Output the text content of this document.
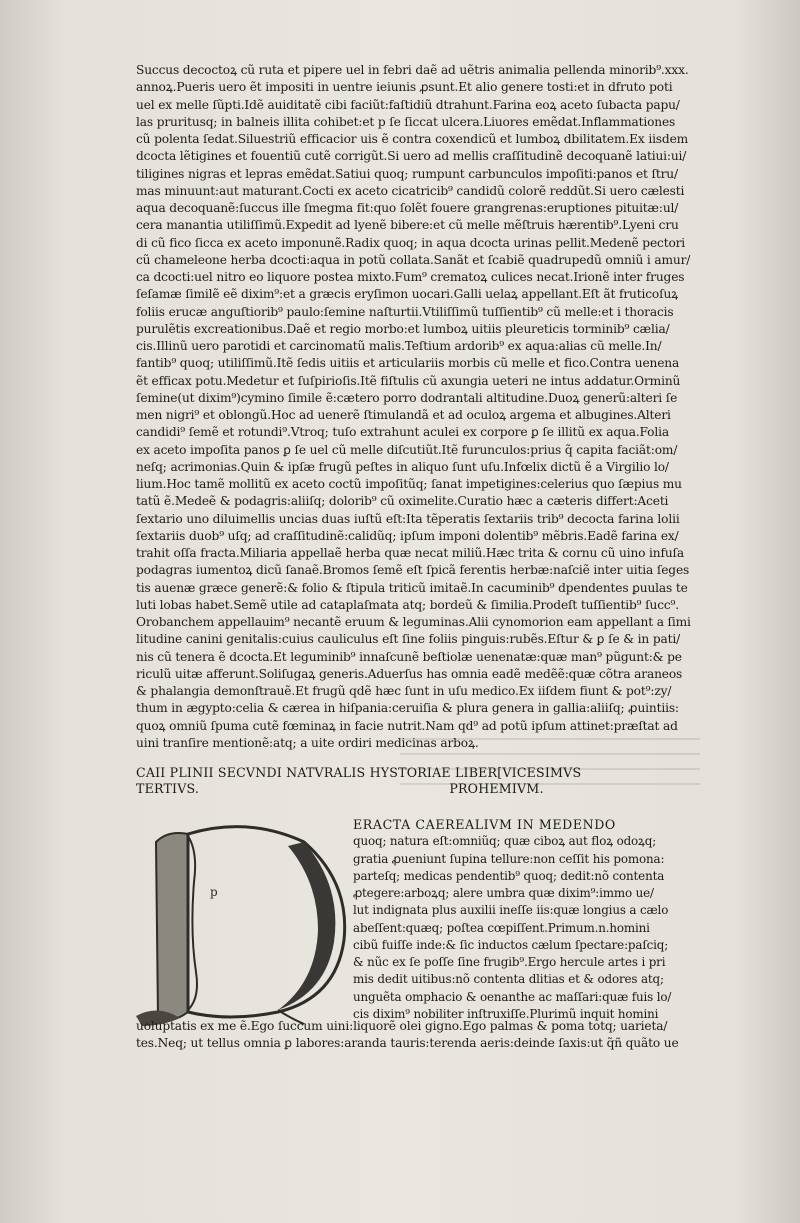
Succus decoctoꝝ cũ ruta et pipere uel in febri daẽ ad uẽtris animalia pellenda minorib⁹.xxx.
annoꝝ.Pueris uero ẽt impositi in uentre ieiunis ꝓsunt.Et alio genere tosti:et in dfruto poti
uel ex melle ſũpti.Idẽ auiditatẽ cibi faciũt:faſtidiũ dtrahunt.Farina eoꝝ aceto ſubacta papu/
las pruritusq; in balneis illita cohibet:et p ſe ſiccat ulcera.Liuores emẽdat.Inflammationes
cũ polenta ſedat.Siluestriũ efficacior uis ẽ contra coxendicũ et lumboꝝ dbilitatem.Ex iisdem
dcocta lẽtigines et fouentiũ cutẽ corrigũt.Si uero ad mellis craſſitudinẽ decoquanẽ latiui:ui/
tiligines nigras et lepras emẽdat.Satiui quoq; rumpunt carbunculos impoſiti:panos et ſtru/
mas minuunt:aut maturant.Cocti ex aceto cicatricib⁹ candidũ colorẽ reddũt.Si uero cælesti
aqua decoquanẽ:ſuccus ille ſmegma fit:quo ſolẽt fouere grangrenas:eruptiones pituitæ:ul/
cera manantia utiliſſimũ.Expedit ad lyenẽ bibere:et cũ melle mẽſtruis hærentib⁹.Lyeni cru
di cũ fico ſicca ex aceto imponunẽ.Radix quoq; in aqua dcocta urinas pellit.Medenẽ pectori
cũ chameleone herba dcocti:aqua in potũ collata.Sanãt et ſcabiẽ quadrupedũ omniũ i amur/
ca dcocti:uel nitro eo liquore postea mixto.Fum⁹ crematoꝝ culices necat.Irionẽ inter fruges
ſeſamæ ſimilẽ eẽ dixim⁹:et a græcis eryſimon uocari.Galli uelaꝝ appellant.Eſt ãt fruticoſuꝝ
foliis erucæ anguſtiorib⁹ paulo:ſemine naſturtii.Vtiliſſimũ tuſſientib⁹ cũ melle:et i thoracis
purulẽtis excreationibus.Daẽ et regio morbo:et lumboꝝ uitiis pleureticis torminib⁹ cælia/
cis.Illinũ uero parotidi et carcinomatũ malis.Teſtium ardorib⁹ ex aqua:alias cũ melle.In/
fantib⁹ quoq; utiliſſimũ.Itẽ ſedis uitiis et articulariis morbis cũ melle et fico.Contra uenena
ẽt efficax potu.Medetur et ſuſpirioſis.Itẽ fiſtulis cũ axungia ueteri ne intus addatur.Orminũ
ſemine(ut dixim⁹)cymino ſimile ẽ:cætero porro dodrantali altitudine.Duoꝝ generũ:alteri ſe
men nigri⁹ et oblongũ.Hoc ad uenerẽ ſtimulandã et ad oculoꝝ argema et albugines.Alteri
candidi⁹ ſemẽ et rotundi⁹.Vtroq; tuſo extrahunt aculei ex corpore ꝑ ſe illitũ ex aqua.Folia
ex aceto impoſita panos ꝑ ſe uel cũ melle diſcutiũt.Itẽ furunculos:prius q̃ capita faciãt:om/
neſq; acrimonias.Quin & ipſæ frugũ peſtes in aliquo ſunt uſu.Infœlix dictũ ẽ a Virgilio lo/
lium.Hoc tamẽ mollitũ ex aceto coctũ impoſitũq; ſanat impetigines:celerius quo ſæpius mu
tatũ ẽ.Medeẽ & podagris:aliiſq; dolorib⁹ cũ oximelite.Curatio hæc a cæteris differt:Aceti
ſextario uno diluimellis uncias duas iuſtũ eſt:Ita tẽperatis ſextariis trib⁹ decocta farina lolii
ſextariis duob⁹ uſq; ad craſſitudinẽ:calidũq; ipſum imponi dolentib⁹ mẽbris.Eadẽ farina ex/
trahit oſſa fracta.Miliaria appellaẽ herba quæ necat miliũ.Hæc trita & cornu cũ uino infuſa
podagras iumentoꝝ dicũ ſanaẽ.Bromos ſemẽ eſt ſpicã ferentis herbæ:naſciẽ inter uitia ſeges
tis auenæ græce generẽ:& folio & ſtipula triticũ imitaẽ.In cacuminib⁹ dpendentes ꝑuulas te
luti lobas habet.Semẽ utile ad cataplaſmata atq; bordeũ & ſimilia.Prodeſt tuſſientib⁹ ſucc⁹.
Orobanchem appellauim⁹ necantẽ eruum & leguminas.Alii cynomorion eam appellant a ſimi
litudine canini genitalis:cuius cauliculus eſt ſine foliis pinguis:rubẽs.Eſtur & ꝑ ſe & in pati/
nis cũ tenera ẽ dcocta.Et leguminib⁹ innaſcunẽ beſtiolæ uenenatæ:quæ man⁹ pũgunt:& pe
riculũ uitæ afferunt.Soliſugaꝝ generis.Aduerſus has omnia eadẽ medẽẽ:quæ cõtra araneos
& phalangia demonſtrauẽ.Et frugũ qdẽ hæc ſunt in uſu medico.Ex iiſdem fiunt & pot⁹:zy/
thum in ægypto:celia & cærea in hiſpania:ceruiſia & plura genera in gallia:aliiſq; ꝓuintiis:
quoꝝ omniũ ſpuma cutẽ fœminaꝝ in facie nutrit.Nam qd⁹ ad potũ ipſum attinet:præſtat ad
uini tranſire mentionẽ:atq; a uite ordiri medicinas arboꝝ.
CAII PLINII SECVNDI NATVRALIS HYSTORIAE LIBER[VICESIMVS
TERTIVS.	PROHEMIVM.
p
ERACTA CAEREALIVM IN MEDENDO
quoq; natura eſt:omniũq; quæ ciboꝝ aut floꝝ odoꝝq;
gratia ꝓueniunt ſupina tellure:non ceſſit his pomona:
parteſq; medicas pendentib⁹ quoq; dedit:nõ contenta
ꝓtegere:arboꝝq; alere umbra quæ dixim⁹:immo ue/
lut indignata plus auxilii ineſſe iis:quæ longius a cælo
abeſſent:quæq; poſtea cœpiſſent.Primum.n.homini
cibũ fuiſſe inde:& ſic inductos cælum ſpectare:paſciq;
& nũc ex ſe poſſe ſine frugib⁹.Ergo hercule artes i pri
mis dedit uitibus:nõ contenta dlitias et & odores atq;
unguẽta omphacio & oenanthe ac maſſari:quæ fuis lo/
cis dixim⁹ nobiliter inſtruxiſſe.Plurimũ inquit homini
uoluptatis ex me ẽ.Ego ſuccum uini:liquorẽ olei gigno.Ego palmas & poma totq; uarieta/
tes.Neq; ut tellus omnia ꝑ labores:aranda tauris:terenda aeris:deinde ſaxis:ut q̃ñ quãto ue
